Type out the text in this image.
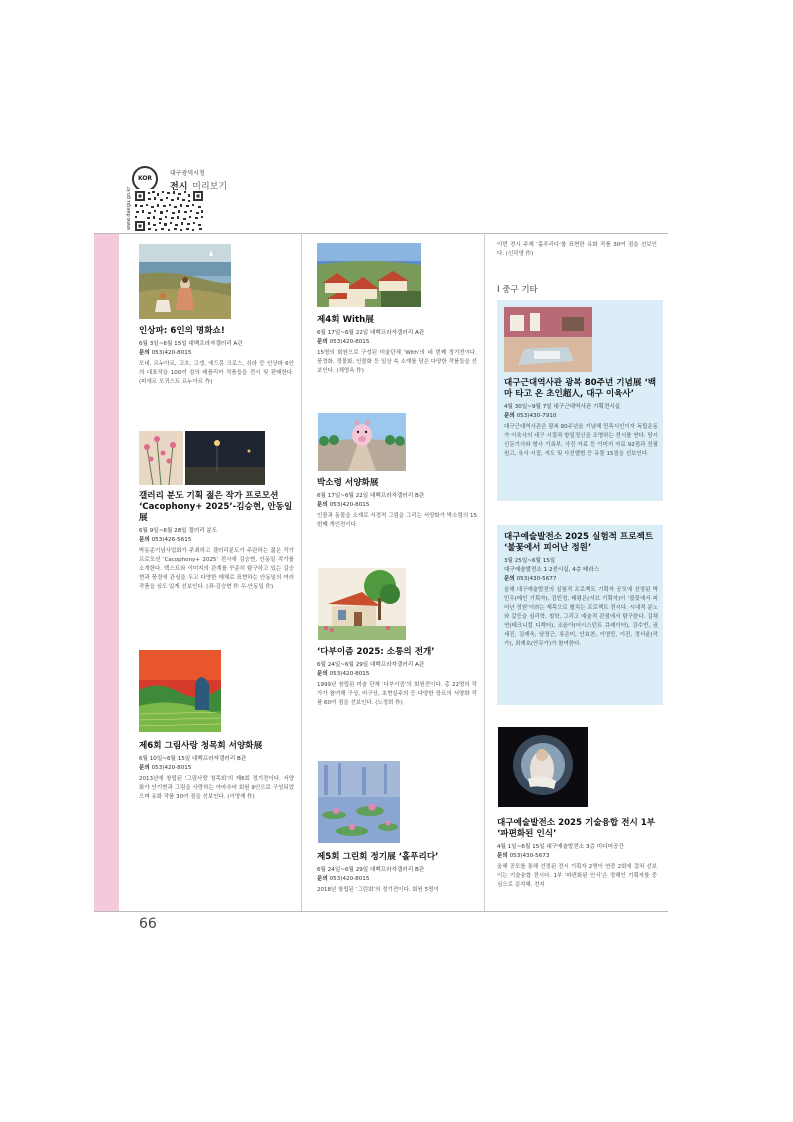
KOR
www.daegu.go.kr
대구광역시청
전시 미리보기
66
인상파: 6인의 명화쇼!
6월 3일~6월 15일 대백프라자갤러리 A관
문의 053)420-8015
모네, 르누아르, 고흐, 고갱, 에드몽 크로스, 쉬라 등 인상파 6인의 대표작을 100여 점의 레플리카 작품들을 전시 및 판매한다. (피에르 오귀스트 르누아르 作)
갤러리 분도 기획 젊은 작가 프로모션 ‘Cacophony+ 2025’-김승현, 안동일展
6월 9일~6월 28일 갤러리 분도
문의 053)426-5615
박동준기념사업회가 주최하고 갤러리분도가 주관하는 젊은 작가 프로모션 ‘Cacophony+ 2025’ 전시에 김승현, 안동일 작가를 소개한다. 텍스트와 이미지의 관계를 꾸준히 탐구하고 있는 김승현과 풍경에 관심을 두고 다양한 매체로 표현하는 안동일의 여러 작품을 심도 있게 선보인다. (좌-김승현 作 우-안동일 作)
제6회 그림사랑 청목회 서양화展
6월 10일~6월 15일 대백프라자갤러리 B관
문의 053)420-8015
2013년에 창립된 ‘그림사랑 청목회’의 제6회 정기전이다. 서양화가 안기현과 그림을 사랑하는 아마추어 회원 9인으로 구성되었으며 유화 작품 30여 점을 선보인다. (이영재 作)
제4회 With展
6월 17일~6월 22일 대백프라자갤러리 A관
문의 053)420-8015
15명의 회원으로 구성된 미술단체 ‘With’의 네 번째 정기전이다. 풍경화, 정물화, 인물화 등 일상 속 소재를 담은 다양한 작품들을 선보인다. (채영옥 作)
박소령 서양화展
6월 17일~6월 22일 대백프라자갤러리 B관
문의 053)420-8015
인물과 동물을 소재로 서정적 그림을 그리는 서양화가 박소령의 15번째 개인전이다.
‘다부이즘 2025: 소통의 전개’
6월 24일~6월 29일 대백프라자갤러리 A관
문의 053)420-8015
1999년 창립된 미술 단체 ‘다부이즘’의 회원전이다. 총 22명의 작가가 참여해 구상, 비구상, 초현실주의 등 다양한 장르의 서양화 작품 60여 점을 선보인다. (노정희 作)
제5회 그린회 정기展 ‘홀푸리다’
6월 24일~6월 29일 대백프라자갤러리 B관
문의 053)420-8015
2018년 창립된 ‘그린회’의 정기전이다. 회원 5명이
이번 전시 주제 ‘홀푸리다’를 표현한 유화 작품 30여 점을 선보인다. (신덕영 作)
I 중구 기타
대구근대역사관 광복 80주년 기념展 ‘백마 타고 온 초인超人, 대구 이육사’
4월 30일~9월 7일 대구근대역사관 기획전시실
문의 053)430-7910
대구근대역사관은 광복 80주년을 기념해 민족시인이자 독립운동가 이육사의 대구 시절과 항일정신을 조명하는 전시를 연다. 당시 신문기사와 형사 기록부, 사진 자료 등 이미지 자료 92점과 친필 원고, 육사 시집, 지도 및 사진앨범 등 유물 15점을 선보인다.
대구예술발전소 2025 실험적 프로젝트 ‘불꽃에서 피어난 정원’
3월 25일~6월 15일
대구예술발전소 1·2전시실, 4층 테라스
문의 053)430-5677
올해 대구예술발전의 실험적 프로젝트 기획자 공모에 선정된 박민우(메인 기획자), 김민정, 태평은(서브 기획자)이 ‘불꽃에서 피어난 정원’이라는 제목으로 펼치는 프로젝트 전시다. 시대적 분노와 갈등을 심리학, 철학, 그리고 예술적 관점에서 탐구한다. 김채연(테크니컬 디렉터), 조윤아(어시스턴트 큐레이터), 강수빈, 권세진, 김재욱, 남정근, 류은미, 안효찬, 이영민, 이진, 정서윤(작가), 최재호(안무가)가 참여한다.
대구예술발전소 2025 기술융합 전시 1부 ‘파편화된 인식’
4월 1일~6월 15일 대구예술발전소 3층 미디어공간
문의 053)430-5673
올해 공모를 통해 선정된 전시 기획자 2명이 연중 2회에 걸쳐 선보이는 기술융합 전시다. 1부 ‘파편화된 인식’은 정해인 기획자를 중심으로 김지혜, 전지
